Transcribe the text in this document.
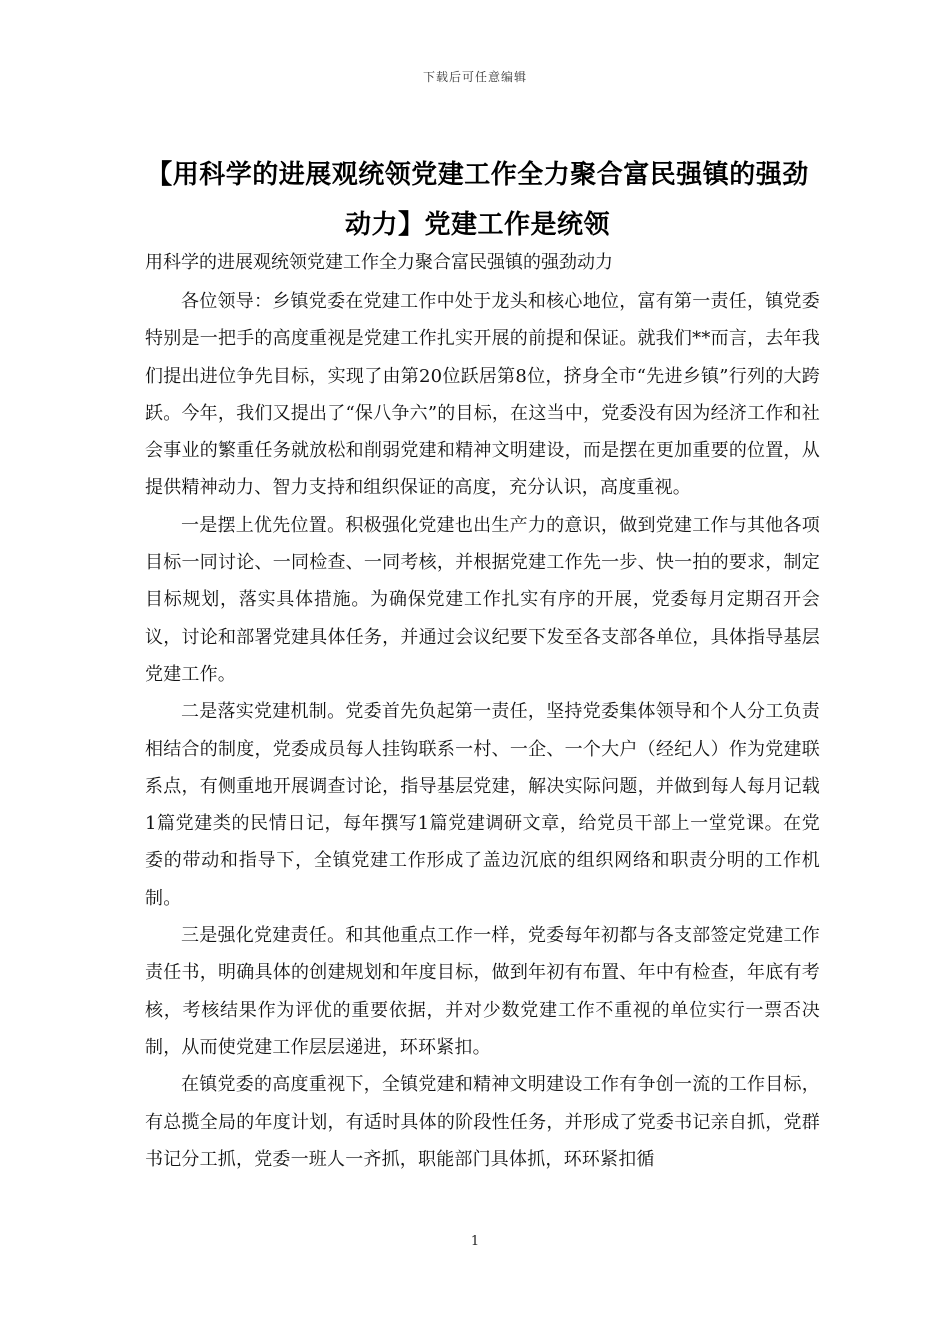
下载后可任意编辑
【用科学的进展观统领党建工作全力聚合富民强镇的强劲动力】党建工作是统领
用科学的进展观统领党建工作全力聚合富民强镇的强劲动力

各位领导：乡镇党委在党建工作中处于龙头和核心地位，富有第一责任，镇党委特别是一把手的高度重视是党建工作扎实开展的前提和保证。就我们**而言，去年我们提出进位争先目标，实现了由第20位跃居第8位，挤身全市“先进乡镇”行列的大跨跃。今年，我们又提出了“保八争六”的目标，在这当中，党委没有因为经济工作和社会事业的繁重任务就放松和削弱党建和精神文明建设，而是摆在更加重要的位置，从提供精神动力、智力支持和组织保证的高度，充分认识，高度重视。

一是摆上优先位置。积极强化党建也出生产力的意识，做到党建工作与其他各项目标一同讨论、一同检查、一同考核，并根据党建工作先一步、快一拍的要求，制定目标规划，落实具体措施。为确保党建工作扎实有序的开展，党委每月定期召开会议，讨论和部署党建具体任务，并通过会议纪要下发至各支部各单位，具体指导基层党建工作。

二是落实党建机制。党委首先负起第一责任，坚持党委集体领导和个人分工负责相结合的制度，党委成员每人挂钩联系一村、一企、一个大户（经纪人）作为党建联系点，有侧重地开展调查讨论，指导基层党建，解决实际问题，并做到每人每月记载1篇党建类的民情日记，每年撰写1篇党建调研文章，给党员干部上一堂党课。在党委的带动和指导下，全镇党建工作形成了盖边沉底的组织网络和职责分明的工作机制。

三是强化党建责任。和其他重点工作一样，党委每年初都与各支部签定党建工作责任书，明确具体的创建规划和年度目标，做到年初有布置、年中有检查，年底有考核，考核结果作为评优的重要依据，并对少数党建工作不重视的单位实行一票否决制，从而使党建工作层层递进，环环紧扣。

在镇党委的高度重视下，全镇党建和精神文明建设工作有争创一流的工作目标，有总揽全局的年度计划，有适时具体的阶段性任务，并形成了党委书记亲自抓，党群书记分工抓，党委一班人一齐抓，职能部门具体抓，环环紧扣循

1
